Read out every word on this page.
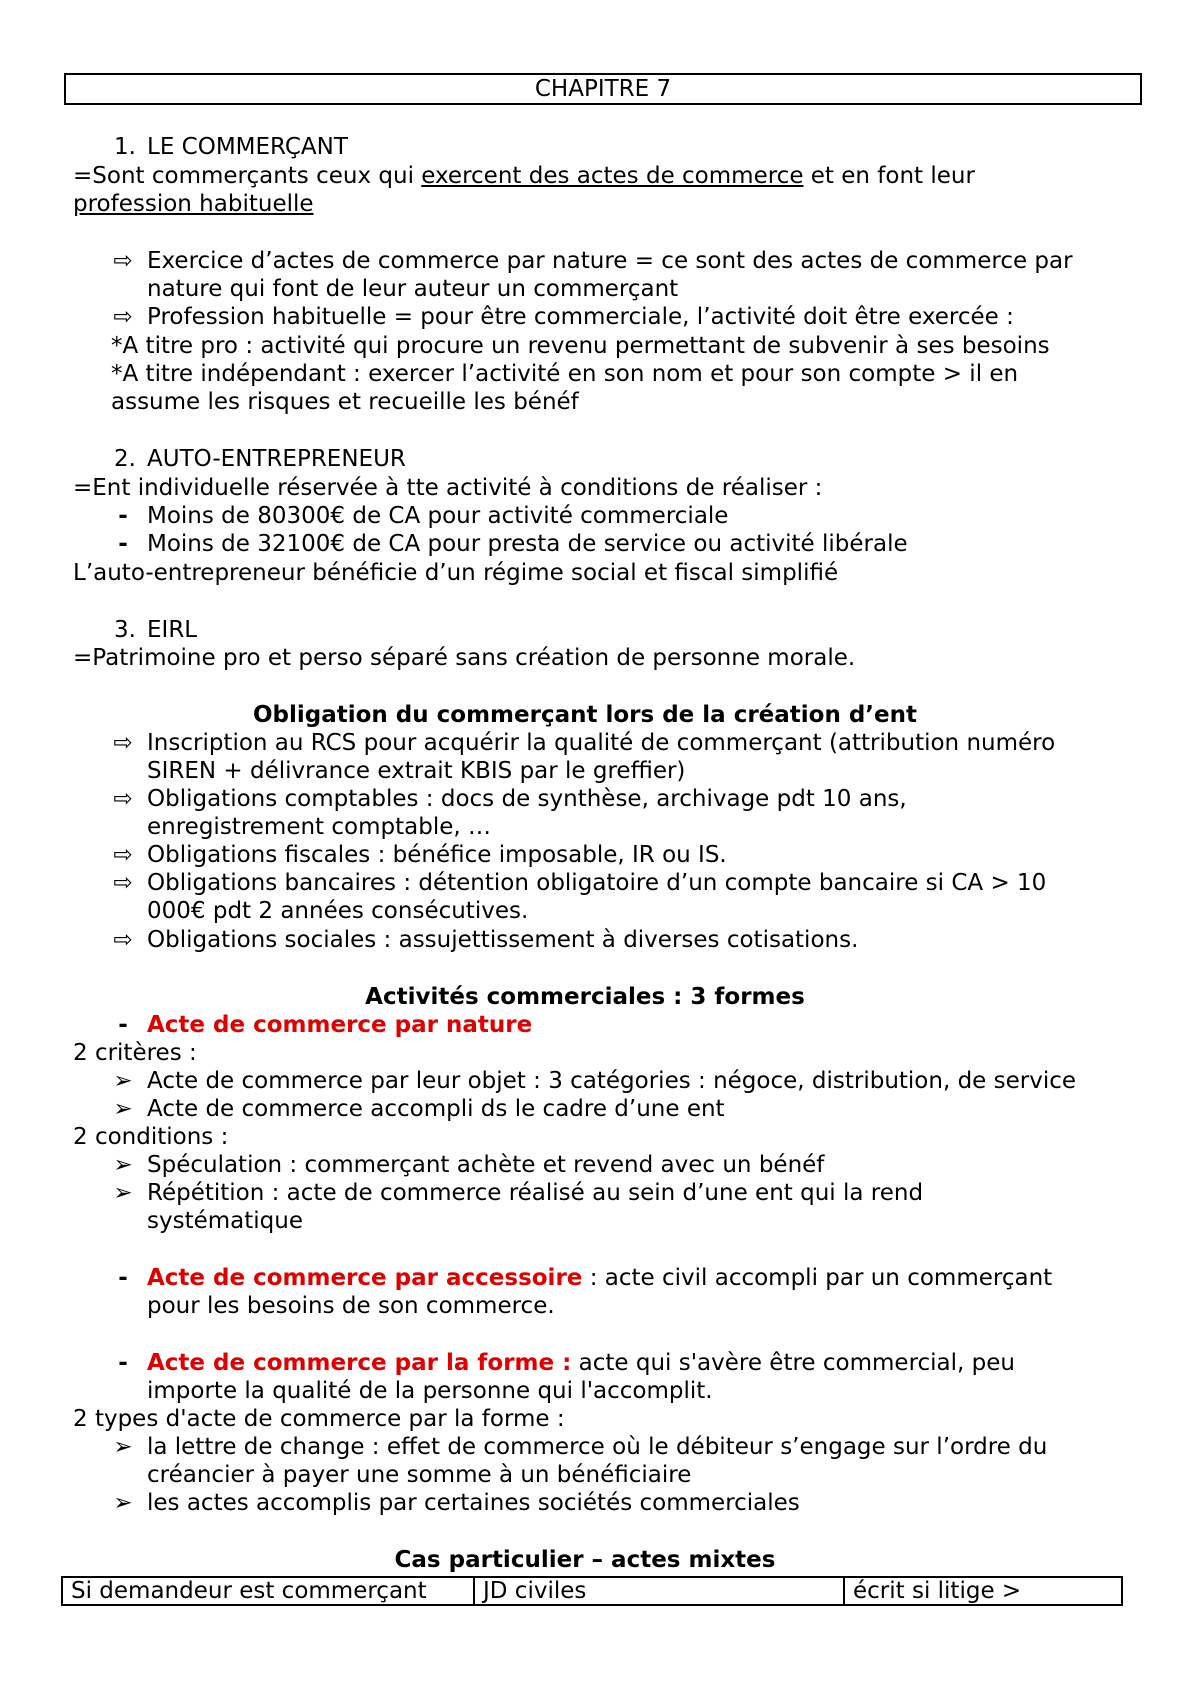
CHAPITRE 7
1. LE COMMERÇANT
=Sont commerçants ceux qui exercent des actes de commerce et en font leur
profession habituelle
⇨ Exercice d’actes de commerce par nature = ce sont des actes de commerce par
nature qui font de leur auteur un commerçant
⇨ Profession habituelle = pour être commerciale, l’activité doit être exercée :
*A titre pro : activité qui procure un revenu permettant de subvenir à ses besoins
*A titre indépendant : exercer l’activité en son nom et pour son compte > il en
assume les risques et recueille les bénéf
2. AUTO-ENTREPRENEUR
=Ent individuelle réservée à tte activité à conditions de réaliser :
- Moins de 80300€ de CA pour activité commerciale
- Moins de 32100€ de CA pour presta de service ou activité libérale
L’auto-entrepreneur bénéficie d’un régime social et fiscal simplifié
3. EIRL
=Patrimoine pro et perso séparé sans création de personne morale.
Obligation du commerçant lors de la création d’ent
⇨ Inscription au RCS pour acquérir la qualité de commerçant (attribution numéro
SIREN + délivrance extrait KBIS par le greffier)
⇨ Obligations comptables : docs de synthèse, archivage pdt 10 ans,
enregistrement comptable, …
⇨ Obligations fiscales : bénéfice imposable, IR ou IS.
⇨ Obligations bancaires : détention obligatoire d’un compte bancaire si CA > 10
000€ pdt 2 années consécutives.
⇨ Obligations sociales : assujettissement à diverses cotisations.
Activités commerciales : 3 formes
- Acte de commerce par nature
2 critères :
➢ Acte de commerce par leur objet : 3 catégories : négoce, distribution, de service
➢ Acte de commerce accompli ds le cadre d’une ent
2 conditions :
➢ Spéculation : commerçant achète et revend avec un bénéf
➢ Répétition : acte de commerce réalisé au sein d’une ent qui la rend
systématique
- Acte de commerce par accessoire : acte civil accompli par un commerçant
pour les besoins de son commerce.
- Acte de commerce par la forme : acte qui s'avère être commercial, peu
importe la qualité de la personne qui l'accomplit.
2 types d'acte de commerce par la forme :
➢ la lettre de change : effet de commerce où le débiteur s’engage sur l’ordre du
créancier à payer une somme à un bénéficiaire
➢ les actes accomplis par certaines sociétés commerciales
Cas particulier – actes mixtes
Si demandeur est commerçant	JD civiles	écrit si litige >
